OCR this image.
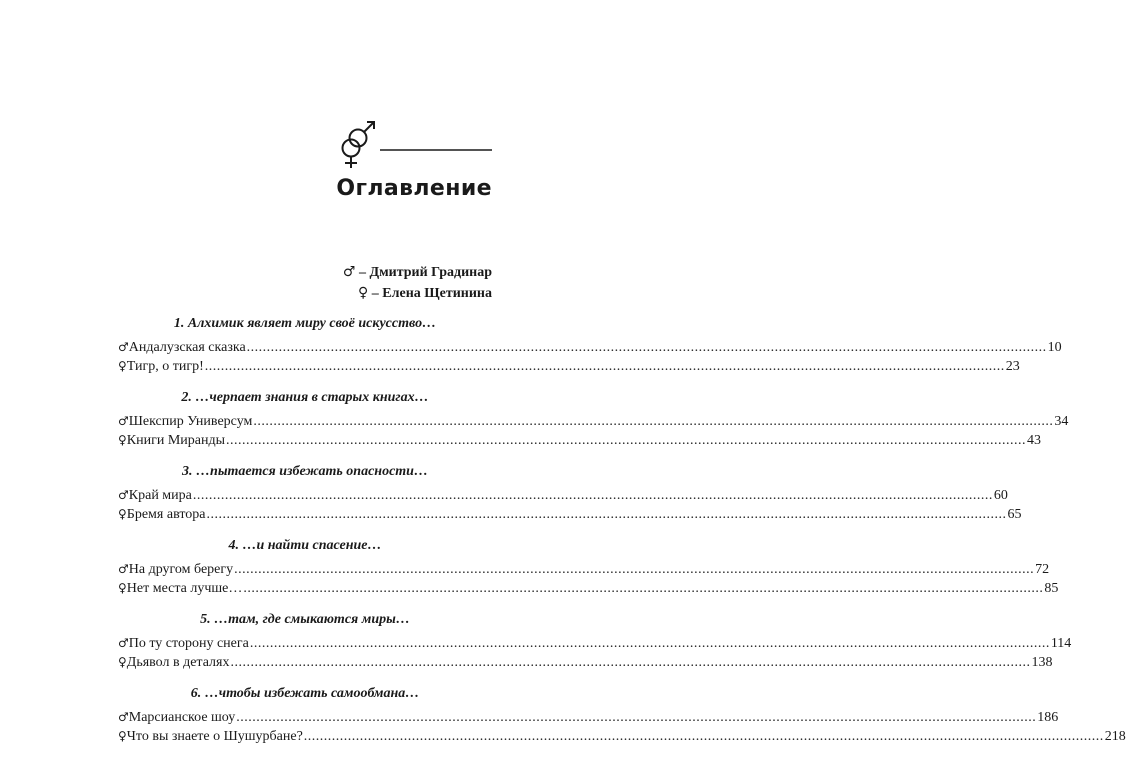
Оглавление
♂ – Дмитрий Градинар
♀ – Елена Щетинина
1. Алхимик являет миру своё искусство…
♂ Андалузская сказка ........................................................................................................................................................................................................ 10
♀ Тигр, о тигр! ........................................................................................................................................................................................................ 23
2. …черпает знания в старых книгах…
♂ Шекспир Универсум ........................................................................................................................................................................................................ 34
♀ Книги Миранды ........................................................................................................................................................................................................ 43
3. …пытается избежать опасности…
♂ Край мира ........................................................................................................................................................................................................ 60
♀ Бремя автора ........................................................................................................................................................................................................ 65
4. …и найти спасение…
♂ На другом берегу ........................................................................................................................................................................................................ 72
♀ Нет места лучше… ........................................................................................................................................................................................................ 85
5. …там, где смыкаются миры…
♂ По ту сторону снега ........................................................................................................................................................................................................ 114
♀ Дьявол в деталях ........................................................................................................................................................................................................ 138
6. …чтобы избежать самообмана…
♂ Марсианское шоу ........................................................................................................................................................................................................ 186
♀ Что вы знаете о Шушурбане? ........................................................................................................................................................................................................ 218
